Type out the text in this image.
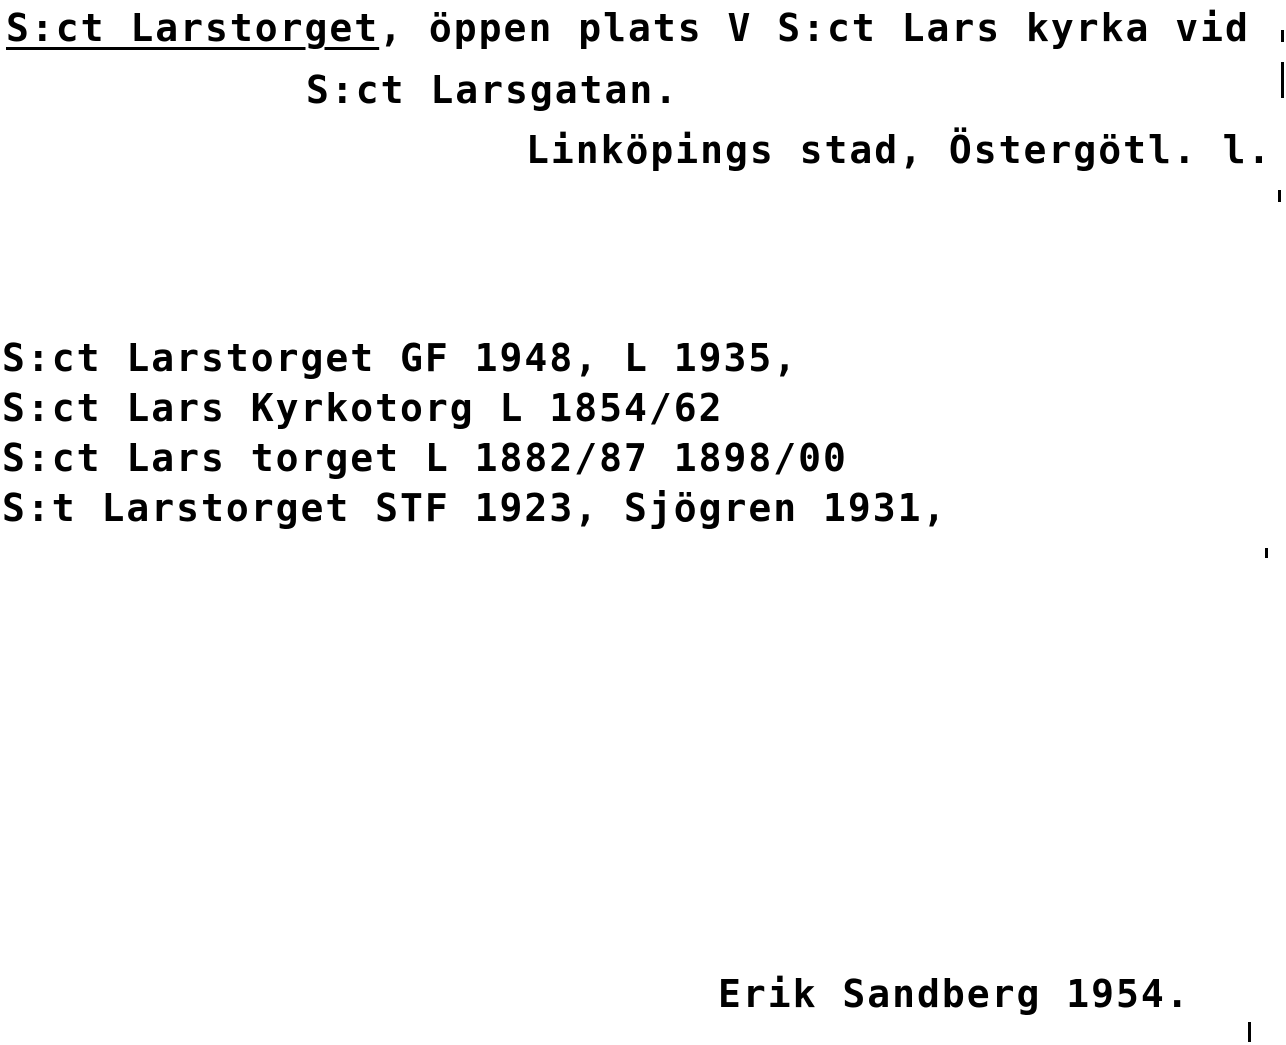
S:ct Larstorget, öppen plats V S:ct Lars kyrka vid
S:ct Larsgatan.
Linköpings stad, Östergötl. l.
S:ct Larstorget GF 1948, L 1935,
S:ct Lars Kyrkotorg L 1854/62
S:ct Lars torget L 1882/87 1898/00
S:t Larstorget STF 1923, Sjögren 1931,
Erik Sandberg 1954.
